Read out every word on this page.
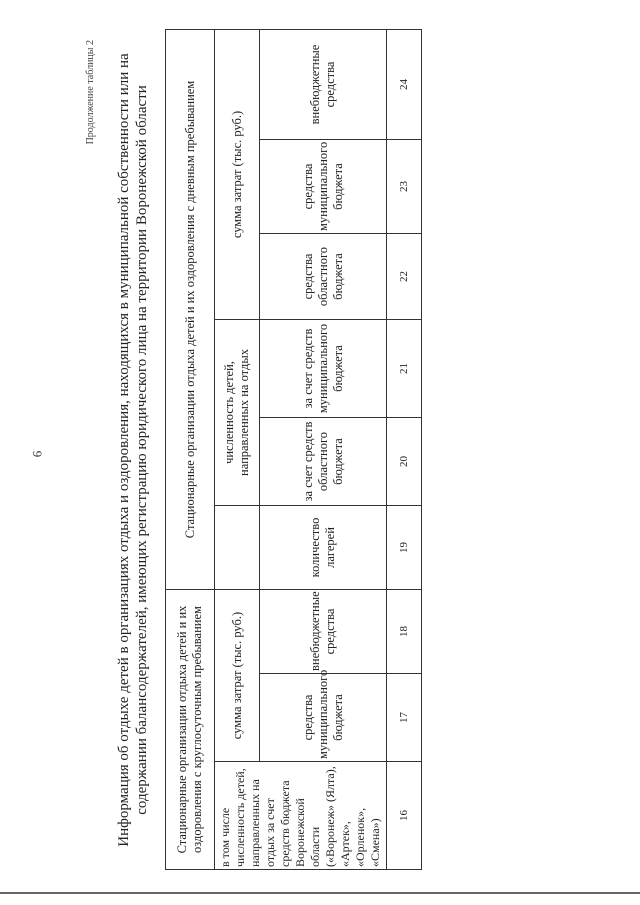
6
Продолжение таблицы 2 Информация об отдыхе детей в организациях отдыха и оздоровления, находящихся в муниципальной собственности или на содержании балансодержателей, имеющих регистрацию юридического лица на территории Воронежской области Стационарные организации отдыха детей и их оздоровления с круглосуточным пребыванием			Стационарные организации отдыха детей и их оздоровления с дневным пребыванием					
в том числе численность детей, направленных на отдых за счет средств бюджета Воронежской области («Воронеж» (Ялта), «Артек», «Орленок», «Смена»)	сумма затрат (тыс. руб.)			численность детей, направленных на отдых		сумма затрат (тыс. руб.)		
	средства муниципального бюджета	внебюджетные средства						
			количество лагерей	за счет средств областного бюджета	за счет средств муниципального бюджета	средства областного бюджета	средства муниципального бюджета	внебюджетные средства
16	17	18	19	20	21	22	23	24
